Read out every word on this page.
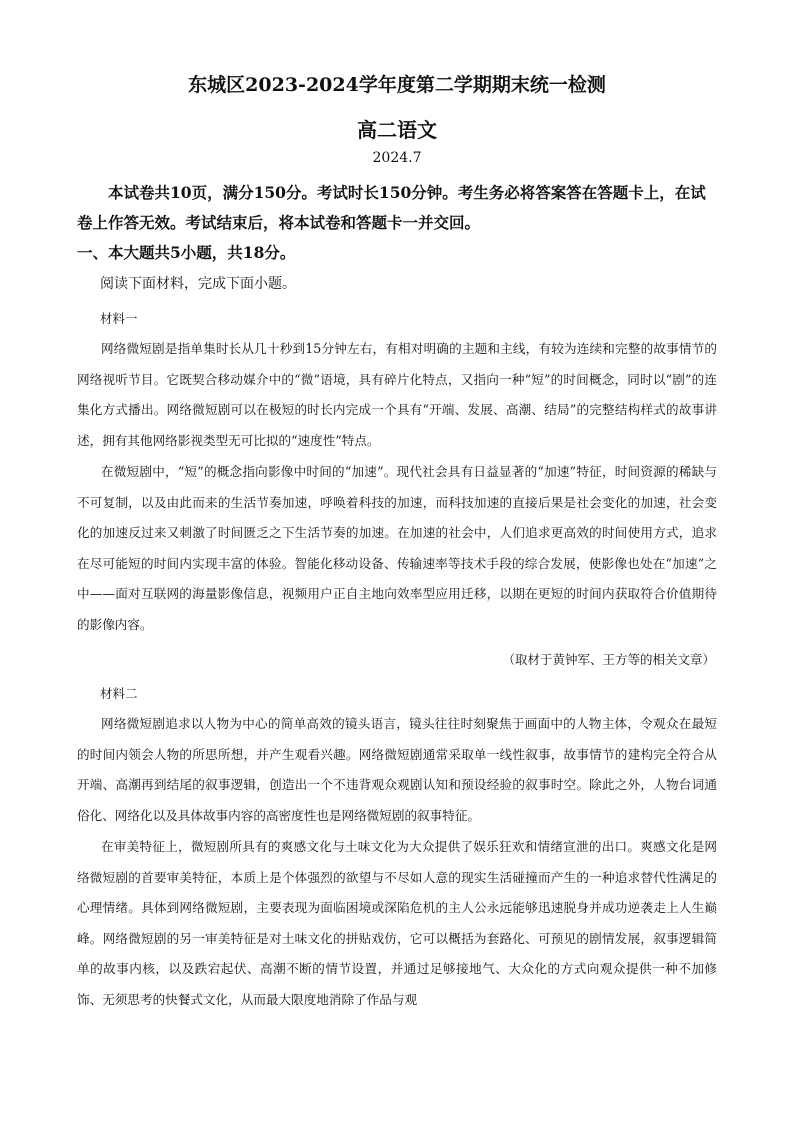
东城区2023-2024学年度第二学期期末统一检测
高二语文
2024.7
本试卷共10页，满分150分。考试时长150分钟。考生务必将答案答在答题卡上，在试卷上作答无效。考试结束后，将本试卷和答题卡一并交回。
一、本大题共5小题，共18分。
阅读下面材料，完成下面小题。
材料一
网络微短剧是指单集时长从几十秒到15分钟左右，有相对明确的主题和主线，有较为连续和完整的故事情节的网络视听节目。它既契合移动媒介中的“微”语境，具有碎片化特点，又指向一种“短”的时间概念，同时以“剧”的连集化方式播出。网络微短剧可以在极短的时长内完成一个具有“开端、发展、高潮、结局”的完整结构样式的故事讲述，拥有其他网络影视类型无可比拟的“速度性”特点。
在微短剧中，“短”的概念指向影像中时间的“加速”。现代社会具有日益显著的“加速”特征，时间资源的稀缺与不可复制，以及由此而来的生活节奏加速，呼唤着科技的加速，而科技加速的直接后果是社会变化的加速，社会变化的加速反过来又刺激了时间匮乏之下生活节奏的加速。在加速的社会中，人们追求更高效的时间使用方式，追求在尽可能短的时间内实现丰富的体验。智能化移动设备、传输速率等技术手段的综合发展，使影像也处在“加速”之中——面对互联网的海量影像信息，视频用户正自主地向效率型应用迁移，以期在更短的时间内获取符合价值期待的影像内容。
（取材于黄钟军、王方等的相关文章）
材料二
网络微短剧追求以人物为中心的简单高效的镜头语言，镜头往往时刻聚焦于画面中的人物主体，令观众在最短的时间内领会人物的所思所想，并产生观看兴趣。网络微短剧通常采取单一线性叙事，故事情节的建构完全符合从开端、高潮再到结尾的叙事逻辑，创造出一个不违背观众观剧认知和预设经验的叙事时空。除此之外，人物台词通俗化、网络化以及具体故事内容的高密度性也是网络微短剧的叙事特征。
在审美特征上，微短剧所具有的爽感文化与土味文化为大众提供了娱乐狂欢和情绪宣泄的出口。爽感文化是网络微短剧的首要审美特征，本质上是个体强烈的欲望与不尽如人意的现实生活碰撞而产生的一种追求替代性满足的心理情绪。具体到网络微短剧，主要表现为面临困境或深陷危机的主人公永远能够迅速脱身并成功逆袭走上人生巅峰。网络微短剧的另一审美特征是对土味文化的拼贴戏仿，它可以概括为套路化、可预见的剧情发展，叙事逻辑简单的故事内核，以及跌宕起伏、高潮不断的情节设置，并通过足够接地气、大众化的方式向观众提供一种不加修饰、无须思考的快餐式文化，从而最大限度地消除了作品与观
